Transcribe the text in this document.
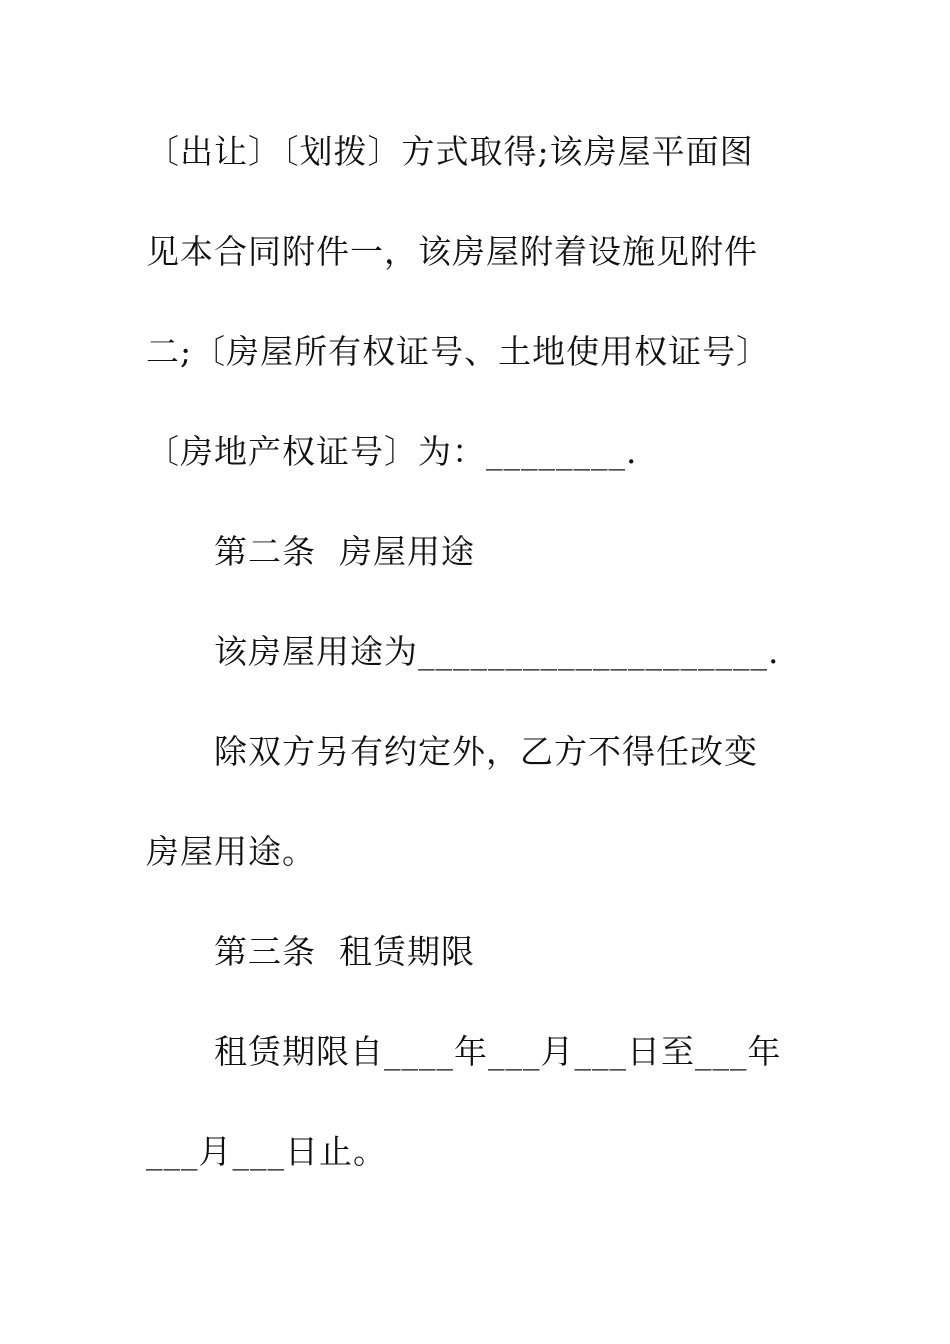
〔出让〕〔划拨〕方式取得;该房屋平面图
见本合同附件一，该房屋附着设施见附件
二;〔房屋所有权证号、土地使用权证号〕
〔房地产权证号〕为：________.
第二条  房屋用途
该房屋用途为____________________.
除双方另有约定外，乙方不得任改变
房屋用途。
第三条  租赁期限
租赁期限自____年___月___日至___年
___月___日止。
